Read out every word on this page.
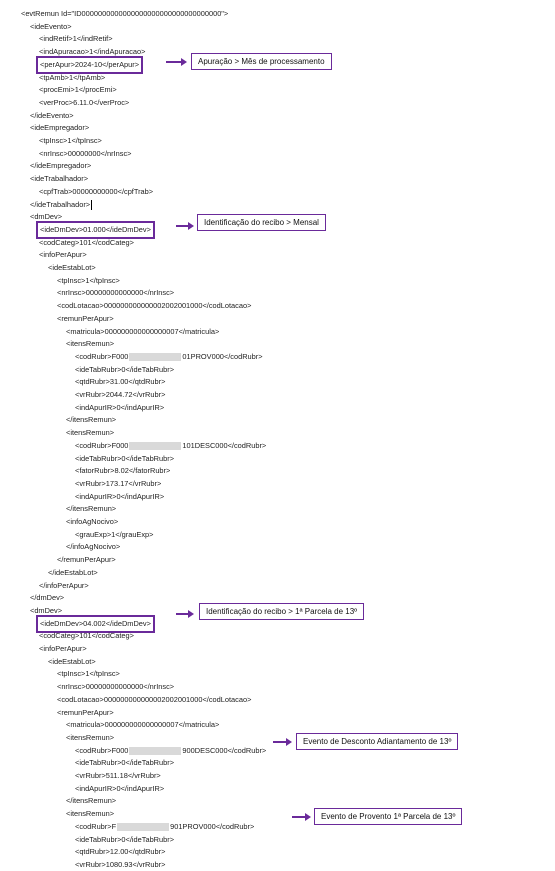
<evtRemun Id="ID0000000000000000000000000000000000">
<ideEvento>
<indRetif>1</indRetif>
<indApuracao>1</indApuracao>
<perApur>2024-10</perApur>
<tpAmb>1</tpAmb>
<procEmi>1</procEmi>
<verProc>6.11.0</verProc>
</ideEvento>
<ideEmpregador>
<tpInsc>1</tpInsc>
<nrInsc>00000000</nrInsc>
</ideEmpregador>
<ideTrabalhador>
<cpfTrab>00000000000</cpfTrab>
</ideTrabalhador>
<dmDev>
<ideDmDev>01.000</ideDmDev>
<codCateg>101</codCateg>
<infoPerApur>
<ideEstabLot>
<tpInsc>1</tpInsc>
<nrInsc>00000000000000</nrInsc>
<codLotacao>000000000000002002001000</codLotacao>
<remunPerApur>
<matricula>000000000000000007</matricula>
<itensRemun>
<codRubr>F000	01PROV000</codRubr>
<ideTabRubr>0</ideTabRubr>
<qtdRubr>31.00</qtdRubr>
<vrRubr>2044.72</vrRubr>
<indApurIR>0</indApurIR>
</itensRemun>
<itensRemun>
<codRubr>F000	101DESC000</codRubr>
<ideTabRubr>0</ideTabRubr>
<fatorRubr>8.02</fatorRubr>
<vrRubr>173.17</vrRubr>
<indApurIR>0</indApurIR>
</itensRemun>
<infoAgNocivo>
<grauExp>1</grauExp>
</infoAgNocivo>
</remunPerApur>
</ideEstabLot>
</infoPerApur>
</dmDev>
<dmDev>
<ideDmDev>04.002</ideDmDev>
<codCateg>101</codCateg>
<infoPerApur>
<ideEstabLot>
<tpInsc>1</tpInsc>
<nrInsc>00000000000000</nrInsc>
<codLotacao>000000000000002002001000</codLotacao>
<remunPerApur>
<matricula>000000000000000007</matricula>
<itensRemun>
<codRubr>F000	900DESC000</codRubr>
<ideTabRubr>0</ideTabRubr>
<vrRubr>511.18</vrRubr>
<indApurIR>0</indApurIR>
</itensRemun>
<itensRemun>
<codRubr>F	901PROV000</codRubr>
<ideTabRubr>0</ideTabRubr>
<qtdRubr>12.00</qtdRubr>
<vrRubr>1080.93</vrRubr>
Apuração > Mês de processamento
Identificação do recibo > Mensal
Identificação do recibo > 1ª Parcela de 13º
Evento de Desconto Adiantamento de 13º
Evento de Provento 1ª Parcela de 13º
